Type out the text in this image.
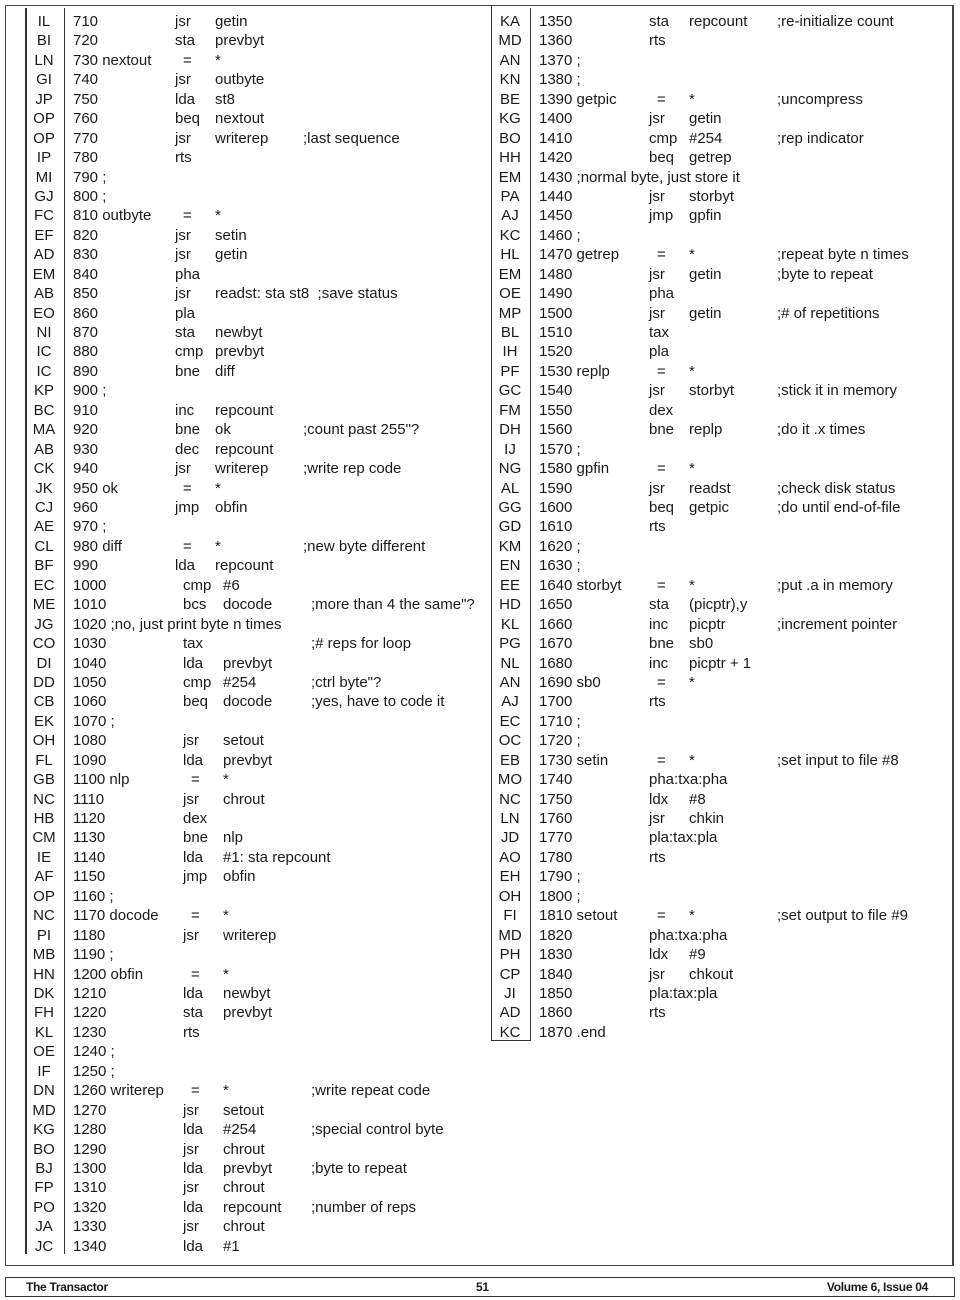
IL	710	jsr getin
BI	720	sta prevbyt
LN	730 nextout = *
GI	740	jsr outbyte
JP	750	lda st8
OP	760	beq nextout
OP	770	jsr writerep ;last sequence
IP	780	rts
MI	790 ;
GJ	800 ;
FC	810 outbyte = *
EF	820	jsr setin
AD	830	jsr getin
EM	840	pha
AB	850	jsr readst: sta st8  ;save status
EO	860	pla
NI	870	sta newbyt
IC	880	cmp prevbyt
IC	890	bne diff
KP	900 ;
BC	910	inc repcount
MA	920	bne ok	;count past 255"?
AB	930	dec repcount
CK	940	jsr writerep ;write rep code
JK	950 ok	= *
CJ	960	jmp obfin
AE	970 ;
CL	980 diff	= *	;new byte different
BF	990	lda repcount
EC	1000	cmp #6
ME	1010	bcs docode	;more than 4 the same"?
JG	1020 ;no, just print byte n times
CO	1030	tax	;# reps for loop
DI	1040	lda prevbyt
DD	1050	cmp #254	;ctrl byte"?
CB	1060	beq docode	;yes, have to code it
EK	1070 ;
OH	1080	jsr setout
FL	1090	lda prevbyt
GB	1100 nlp	= *
NC	1110	jsr chrout
HB	1120	dex
CM 1130	bne nlp
IE	1140	lda #1: sta repcount
AF	1150	jmp obfin
OP	1160 ;
NC	1170 docode = *
PI	1180	jsr writerep
MB	1190 ;
HN	1200 obfin	= *
DK	1210	lda newbyt
FH	1220	sta prevbyt
KL	1230	rts
OE	1240 ;
IF	1250 ;
DN	1260 writerep = *	;write repeat code
MD 1270	jsr setout
KG	1280	lda #254	;special control byte
BO	1290	jsr chrout
BJ	1300	lda prevbyt	;byte to repeat
FP	1310	jsr chrout
PO	1320	lda repcount ;number of reps
JA	1330	jsr chrout
JC	1340	lda #1
KA	1350	sta repcount ;re-initialize count
MD 1360	rts
AN	1370 ;
KN	1380 ;
BE	1390 getpic	= *	;uncompress
KG	1400	jsr getin
BO	1410	cmp #254	;rep indicator
HH	1420	beq getrep
EM	1430 ;normal byte, just store it
PA	1440	jsr storbyt
AJ	1450	jmp gpfin
KC	1460 ;
HL	1470 getrep	= *	;repeat byte n times
EM	1480	jsr getin	;byte to repeat
OE	1490	pha
MP	1500	jsr getin	;# of repetitions
BL	1510	tax
IH	1520	pla
PF	1530 replp	= *
GC	1540	jsr storbyt	;stick it in memory
FM	1550	dex
DH	1560	bne replp	;do it .x times
IJ	1570 ;
NG	1580 gpfin	= *
AL	1590	jsr readst	;check disk status
GG 1600	beq getpic	;do until end-of-file
GD	1610	rts
KM	1620 ;
EN	1630 ;
EE	1640 storbyt = *	;put .a in memory
HD	1650	sta (picptr),y
KL	1660	inc picptr	;increment pointer
PG	1670	bne sb0
NL	1680	inc picptr + 1
AN	1690 sb0	= *
AJ	1700	rts
EC	1710 ;
OC	1720 ;
EB	1730 setin	= *	;set input to file #8
MO 1740	pha:txa:pha
NC	1750	ldx #8
LN	1760	jsr chkin
JD	1770	pla:tax:pla
AO	1780	rts
EH	1790 ;
OH	1800 ;
FI	1810 setout	= *	;set output to file #9
MD 1820	pha:txa:pha
PH	1830	ldx #9
CP	1840	jsr chkout
JI	1850	pla:tax:pla
AD	1860	rts
KC	1870 .end
The Transactor	51	Volume 6, Issue 04
